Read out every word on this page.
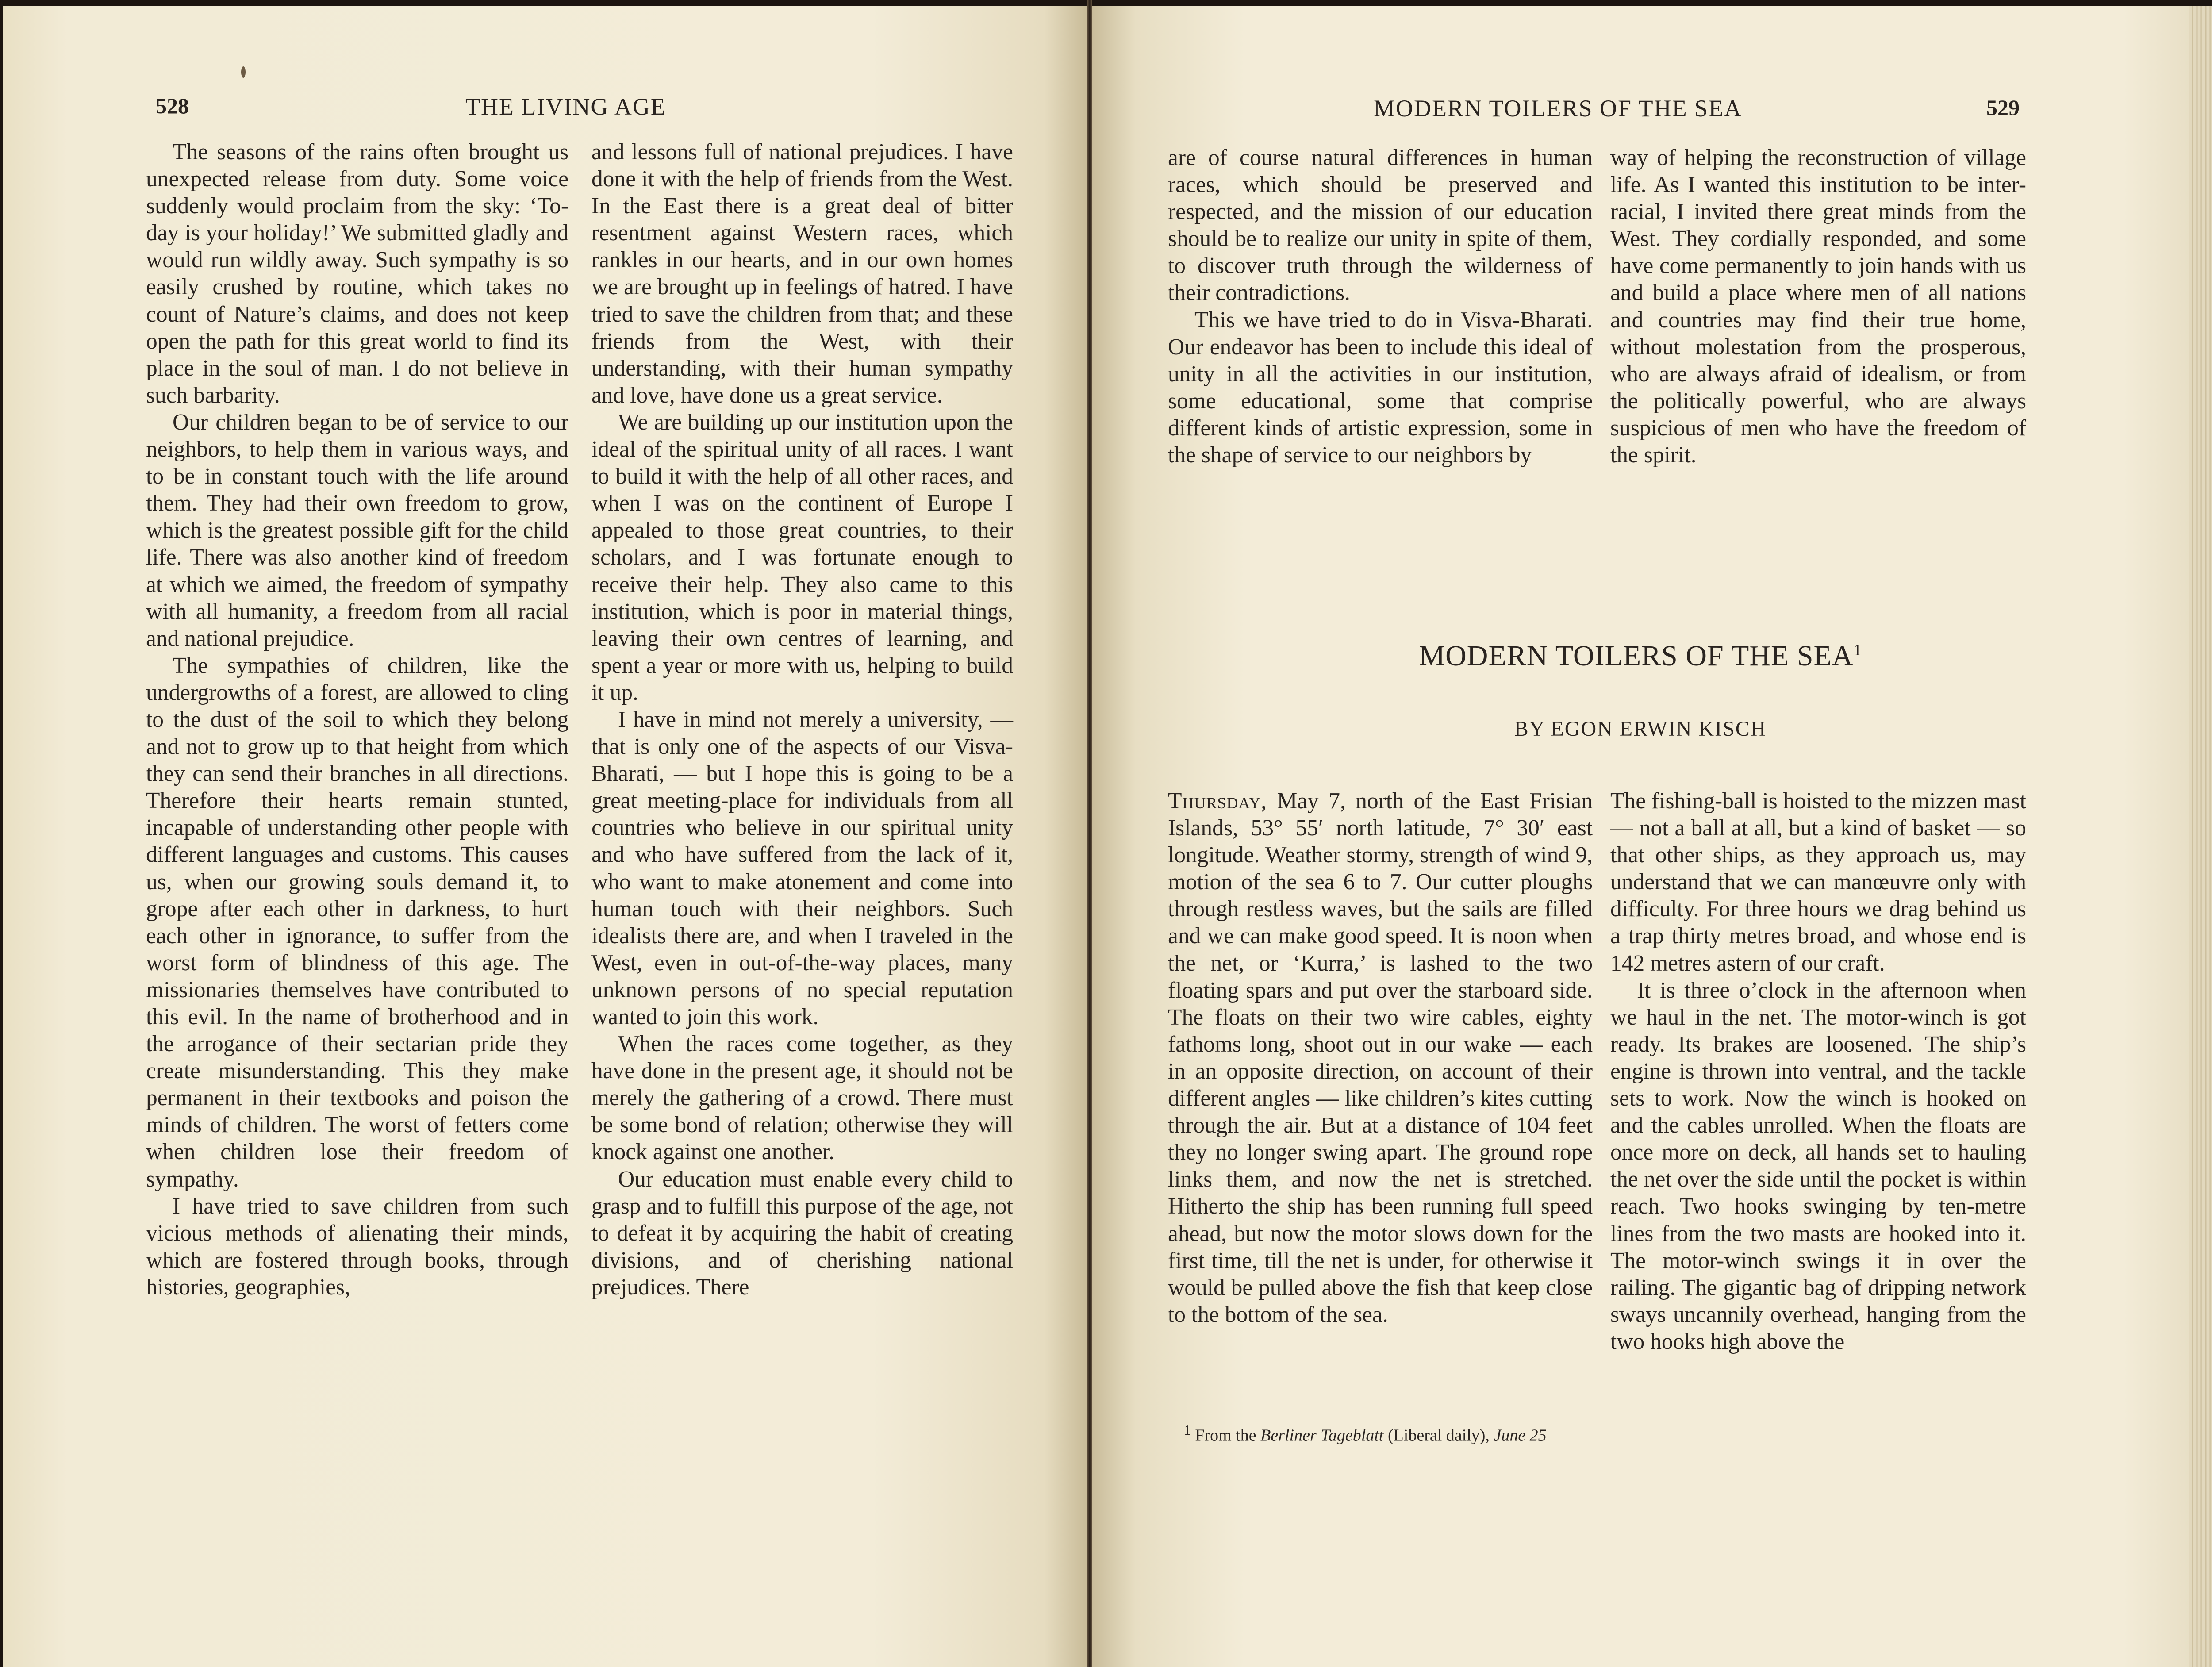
528	THE LIVING AGE

The seasons of the rains often brought us unexpected release from duty. Some voice suddenly would proclaim from the sky: ‘To-day is your holiday!’ We submitted gladly and would run wildly away. Such sympathy is so easily crushed by routine, which takes no count of Nature’s claims, and does not keep open the path for this great world to find its place in the soul of man. I do not believe in such barbarity.

Our children began to be of service to our neighbors, to help them in various ways, and to be in constant touch with the life around them. They had their own freedom to grow, which is the greatest possible gift for the child life. There was also another kind of freedom at which we aimed, the freedom of sympathy with all humanity, a freedom from all racial and national prejudice.

The sympathies of children, like the undergrowths of a forest, are allowed to cling to the dust of the soil to which they belong and not to grow up to that height from which they can send their branches in all directions. Therefore their hearts remain stunted, incapable of understanding other people with different languages and customs. This causes us, when our growing souls demand it, to grope after each other in darkness, to hurt each other in ignorance, to suffer from the worst form of blindness of this age. The missionaries themselves have contributed to this evil. In the name of brotherhood and in the arrogance of their sectarian pride they create misunderstanding. This they make permanent in their textbooks and poison the minds of children. The worst of fetters come when children lose their freedom of sympathy.

I have tried to save children from such vicious methods of alienating their minds, which are fostered through books, through histories, geographies,

and lessons full of national prejudices. I have done it with the help of friends from the West. In the East there is a great deal of bitter resentment against Western races, which rankles in our hearts, and in our own homes we are brought up in feelings of hatred. I have tried to save the children from that; and these friends from the West, with their understanding, with their human sympathy and love, have done us a great service.

We are building up our institution upon the ideal of the spiritual unity of all races. I want to build it with the help of all other races, and when I was on the continent of Europe I appealed to those great countries, to their scholars, and I was fortunate enough to receive their help. They also came to this institution, which is poor in material things, leaving their own centres of learning, and spent a year or more with us, helping to build it up.

I have in mind not merely a university, — that is only one of the aspects of our Visva-Bharati, — but I hope this is going to be a great meeting-place for individuals from all countries who believe in our spiritual unity and who have suffered from the lack of it, who want to make atonement and come into human touch with their neighbors. Such idealists there are, and when I traveled in the West, even in out-of-the-way places, many unknown persons of no special reputation wanted to join this work.

When the races come together, as they have done in the present age, it should not be merely the gathering of a crowd. There must be some bond of relation; otherwise they will knock against one another.

Our education must enable every child to grasp and to fulfill this purpose of the age, not to defeat it by acquiring the habit of creating divisions, and of cherishing national prejudices. There

MODERN TOILERS OF THE SEA	529

are of course natural differences in human races, which should be preserved and respected, and the mission of our education should be to realize our unity in spite of them, to discover truth through the wilderness of their contradictions.

This we have tried to do in Visva-Bharati. Our endeavor has been to include this ideal of unity in all the activities in our institution, some educational, some that comprise different kinds of artistic expression, some in the shape of service to our neighbors by

way of helping the reconstruction of village life. As I wanted this institution to be inter-racial, I invited there great minds from the West. They cordially responded, and some have come permanently to join hands with us and build a place where men of all nations and countries may find their true home, without molestation from the prosperous, who are always afraid of idealism, or from the politically powerful, who are always suspicious of men who have the freedom of the spirit.

MODERN TOILERS OF THE SEA$^1$
BY EGON ERWIN KISCH

Thursday, May 7, north of the East Frisian Islands, 53° 55′ north latitude, 7° 30′ east longitude. Weather stormy, strength of wind 9, motion of the sea 6 to 7. Our cutter ploughs through restless waves, but the sails are filled and we can make good speed. It is noon when the net, or ‘Kurra,’ is lashed to the two floating spars and put over the starboard side. The floats on their two wire cables, eighty fathoms long, shoot out in our wake — each in an opposite direction, on account of their different angles — like children’s kites cutting through the air. But at a distance of 104 feet they no longer swing apart. The ground rope links them, and now the net is stretched. Hitherto the ship has been running full speed ahead, but now the motor slows down for the first time, till the net is under, for otherwise it would be pulled above the fish that keep close to the bottom of the sea.

$^1$ From the Berliner Tageblatt (Liberal daily), June 25

The fishing-ball is hoisted to the mizzen mast — not a ball at all, but a kind of basket — so that other ships, as they approach us, may understand that we can manœuvre only with difficulty. For three hours we drag behind us a trap thirty metres broad, and whose end is 142 metres astern of our craft.

It is three o’clock in the afternoon when we haul in the net. The motor-winch is got ready. Its brakes are loosened. The ship’s engine is thrown into ventral, and the tackle sets to work. Now the winch is hooked on and the cables unrolled. When the floats are once more on deck, all hands set to hauling the net over the side until the pocket is within reach. Two hooks swinging by ten-metre lines from the two masts are hooked into it. The motor-winch swings it in over the railing. The gigantic bag of dripping network sways uncannily overhead, hanging from the two hooks high above the
